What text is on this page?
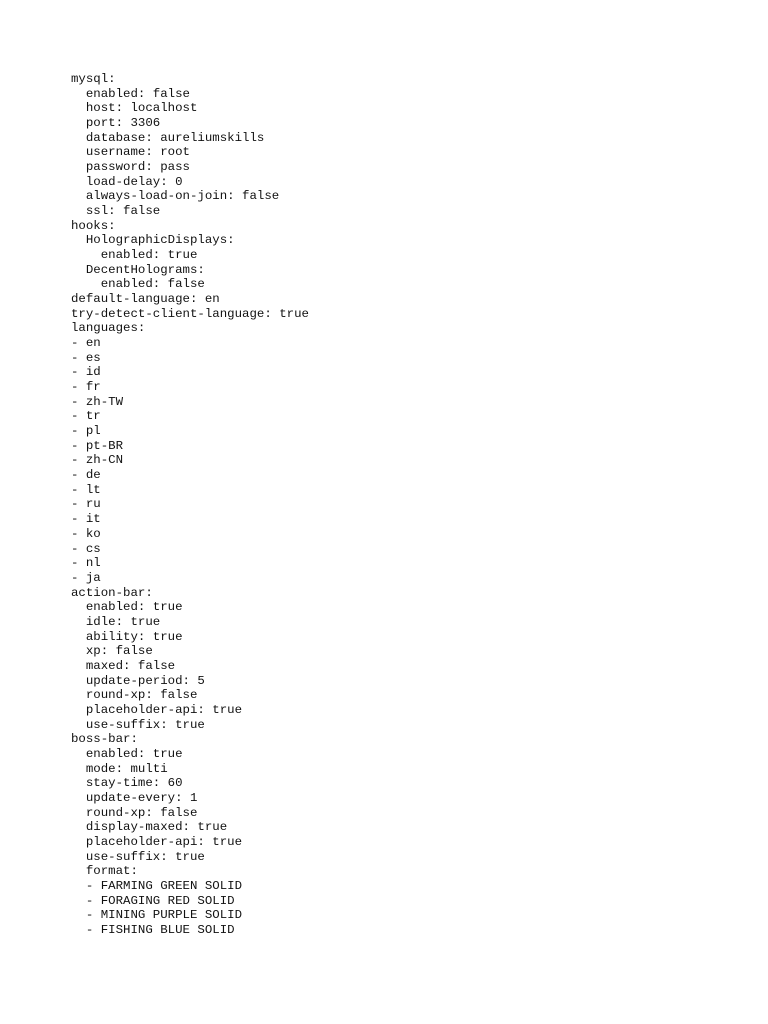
mysql:
enabled: false
host: localhost
port: 3306
database: aureliumskills
username: root
password: pass
load-delay: 0
always-load-on-join: false
ssl: false
hooks:
HolographicDisplays:
enabled: true
DecentHolograms:
enabled: false
default-language: en
try-detect-client-language: true
languages:
- en
- es
- id
- fr
- zh-TW
- tr
- pl
- pt-BR
- zh-CN
- de
- lt
- ru
- it
- ko
- cs
- nl
- ja
action-bar:
enabled: true
idle: true
ability: true
xp: false
maxed: false
update-period: 5
round-xp: false
placeholder-api: true
use-suffix: true
boss-bar:
enabled: true
mode: multi
stay-time: 60
update-every: 1
round-xp: false
display-maxed: true
placeholder-api: true
use-suffix: true
format:
- FARMING GREEN SOLID
- FORAGING RED SOLID
- MINING PURPLE SOLID
- FISHING BLUE SOLID
